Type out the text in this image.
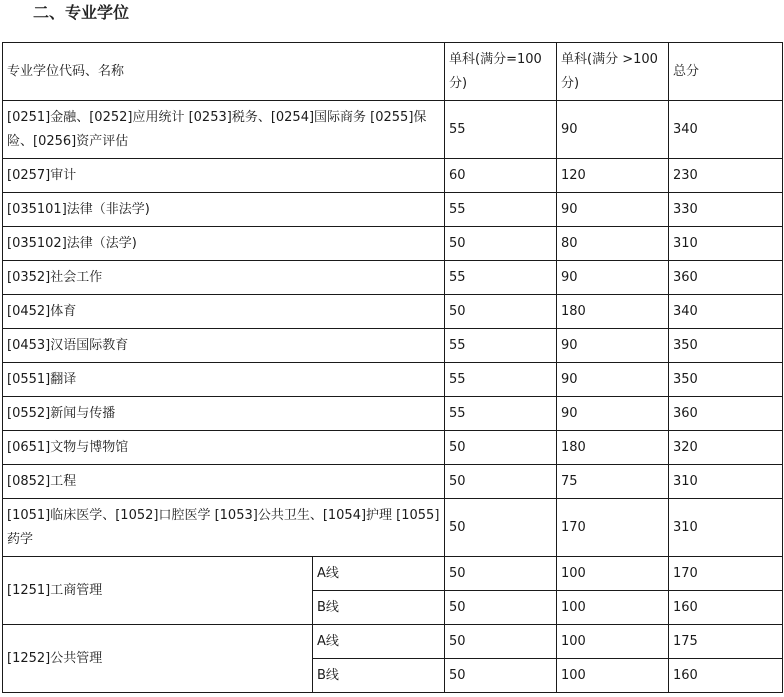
二、专业学位
专业学位代码、名称		单科(满分=100分)	单科(满分 >100分)	总分
[0251]金融、[0252]应用统计 [0253]税务、[0254]国际商务 [0255]保险、[0256]资产评估		55	90	340
[0257]审计		60	120	230
[035101]法律（非法学)		55	90	330
[035102]法律（法学)		50	80	310
[0352]社会工作		55	90	360
[0452]体育		50	180	340
[0453]汉语国际教育		55	90	350
[0551]翻译		55	90	350
[0552]新闻与传播		55	90	360
[0651]文物与博物馆		50	180	320
[0852]工程		50	75	310
[1051]临床医学、[1052]口腔医学 [1053]公共卫生、[1054]护理 [1055]药学		50	170	310
[1251]工商管理	A线	50	100	170
	B线	50	100	160
[1252]公共管理	A线	50	100	175
	B线	50	100	160
